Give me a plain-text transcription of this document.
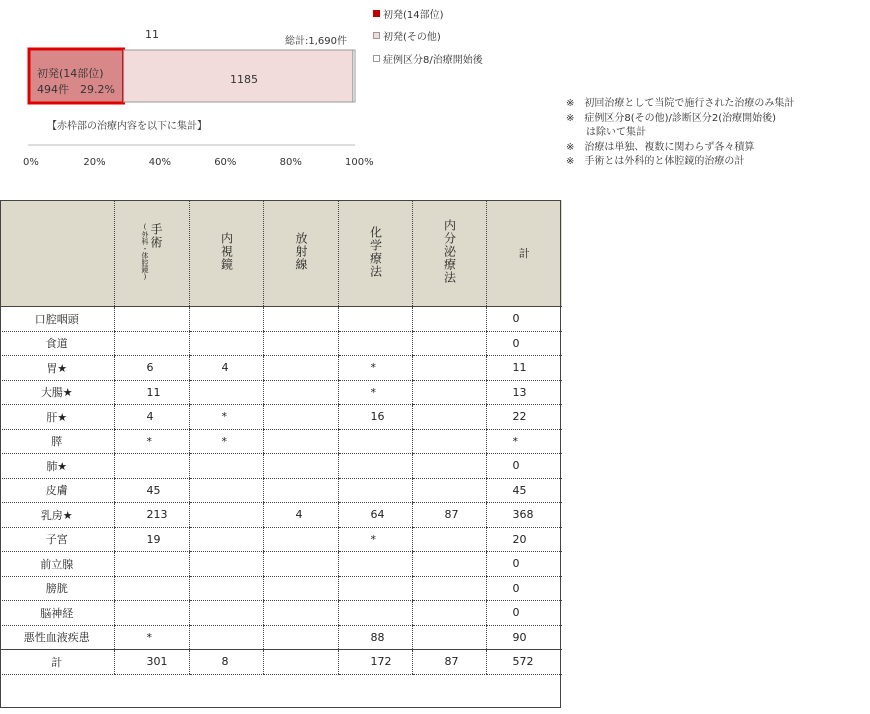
11
総計:1,690件
初発(14部位)
494件　29.2%
1185
【赤枠部の治療内容を以下に集計】
0%	20%	40%	60%	80%	100%
初発(14部位)
初発(その他)
症例区分8/治療開始後
※　初回治療として当院で施行された治療のみ集計
※　症例区分8(その他)/診断区分2(治療開始後)
　　は除いて集計
※　治療は単独、複数に関わらず各々積算
※　手術とは外科的と体腔鏡的治療の計
	(外科・体腔鏡)手術	内視鏡	放射線	化学療法	内分泌療法	計
口腔咽頭						0
食道						0
胃★	6	4		*		11
大腸★	11			*		13
肝★	4	*		16		22
膵	*	*				*
肺★						0
皮膚	45					45
乳房★	213		4	64	87	368
子宮	19			*		20
前立腺						0
膀胱						0
脳神経						0
悪性血液疾患	*			88		90
計	301	8		172	87	572
